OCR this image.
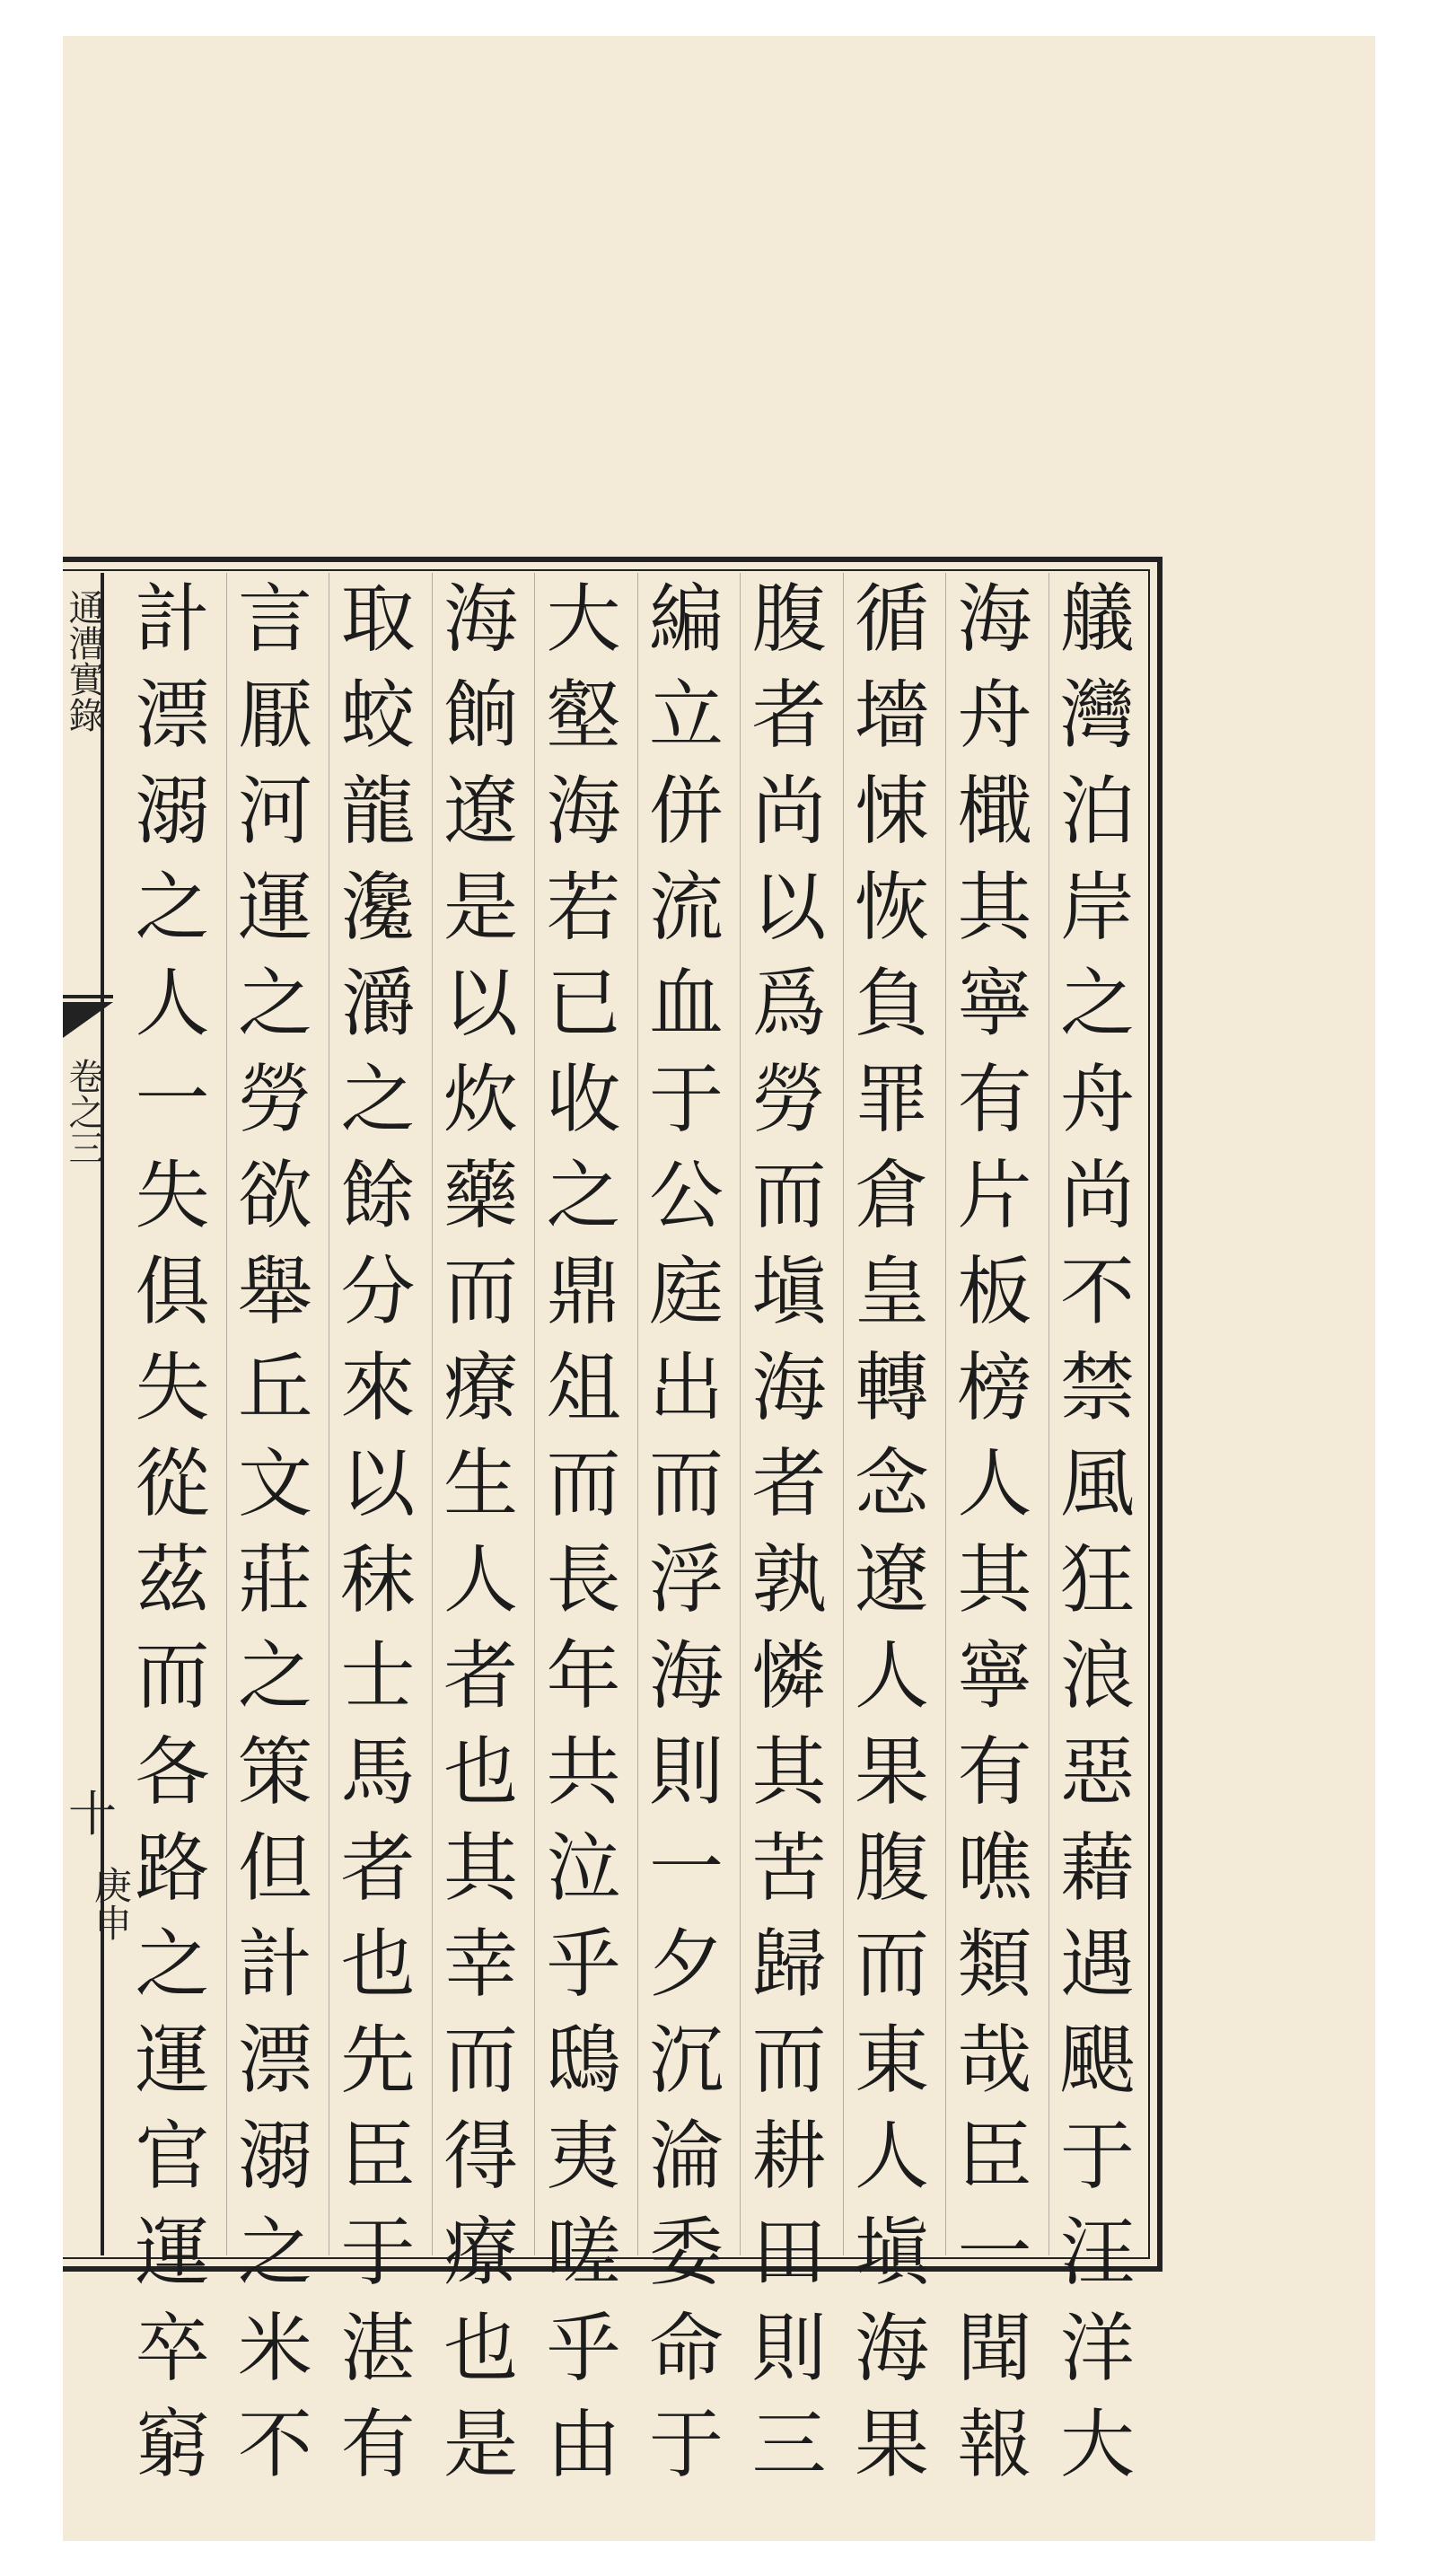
通漕實錄
卷之三
十
庚申
艤
灣
泊
岸
之
舟
尚
不
禁
風
狂
浪
惡
藉
遇
颶
于
汪
洋
大
海
舟
檝
其
寧
有
片
板
榜
人
其
寧
有
噍
類
哉
臣
一
聞
報
循
墻
悚
恢
負
罪
倉
皇
轉
念
遼
人
果
腹
而
東
人
塡
海
果
腹
者
尚
以
爲
勞
而
塡
海
者
孰
憐
其
苦
歸
而
耕
田
則
三
編
立
併
流
血
于
公
庭
出
而
浮
海
則
一
夕
沉
淪
委
命
于
大
壑
海
若
已
收
之
鼎
俎
而
長
年
共
泣
乎
鴟
夷
嗟
乎
由
海
餉
遼
是
以
炊
藥
而
療
生
人
者
也
其
幸
而
得
療
也
是
取
蛟
龍
瀺
灂
之
餘
分
來
以
秣
士
馬
者
也
先
臣
于
湛
有
言
厭
河
運
之
勞
欲
舉
丘
文
莊
之
策
但
計
漂
溺
之
米
不
計
漂
溺
之
人
一
失
俱
失
從
茲
而
各
路
之
運
官
運
卒
窮
